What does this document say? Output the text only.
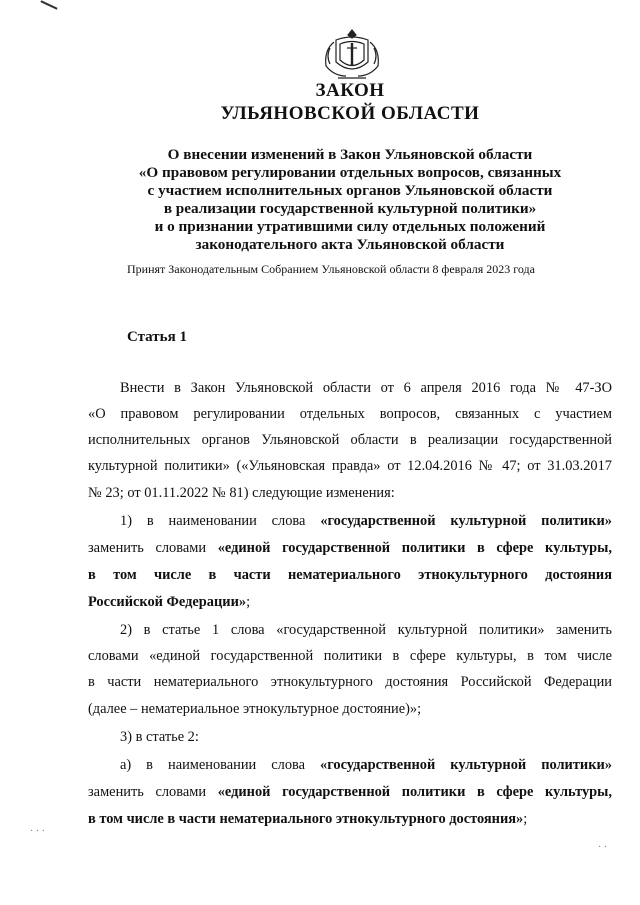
ЗАКОН
УЛЬЯНОВСКОЙ ОБЛАСТИ
О внесении изменений в Закон Ульяновской области
«О правовом регулировании отдельных вопросов, связанных
с участием исполнительных органов Ульяновской области
в реализации государственной культурной политики»
и о признании утратившими силу отдельных положений
законодательного акта Ульяновской области
Принят Законодательным Собранием Ульяновской области 8 февраля 2023 года
Статья 1
Внести в Закон Ульяновской области от 6 апреля 2016 года № 47-ЗО
«О правовом регулировании отдельных вопросов, связанных с участием
исполнительных органов Ульяновской области в реализации государственной
культурной политики» («Ульяновская правда» от 12.04.2016 № 47; от 31.03.2017
№ 23; от 01.11.2022 № 81) следующие изменения:
1) в наименовании слова «государственной культурной политики»
заменить словами «единой государственной политики в сфере культуры,
в том числе в части нематериального этнокультурного достояния
Российской Федерации»;
2) в статье 1 слова «государственной культурной политики» заменить
словами «единой государственной политики в сфере культуры, в том числе
в части нематериального этнокультурного достояния Российской Федерации
(далее – нематериальное этнокультурное достояние)»;
3) в статье 2:
а) в наименовании слова «государственной культурной политики»
заменить словами «единой государственной политики в сфере культуры,
в том числе в части нематериального этнокультурного достояния»;
· ·
· · ·
